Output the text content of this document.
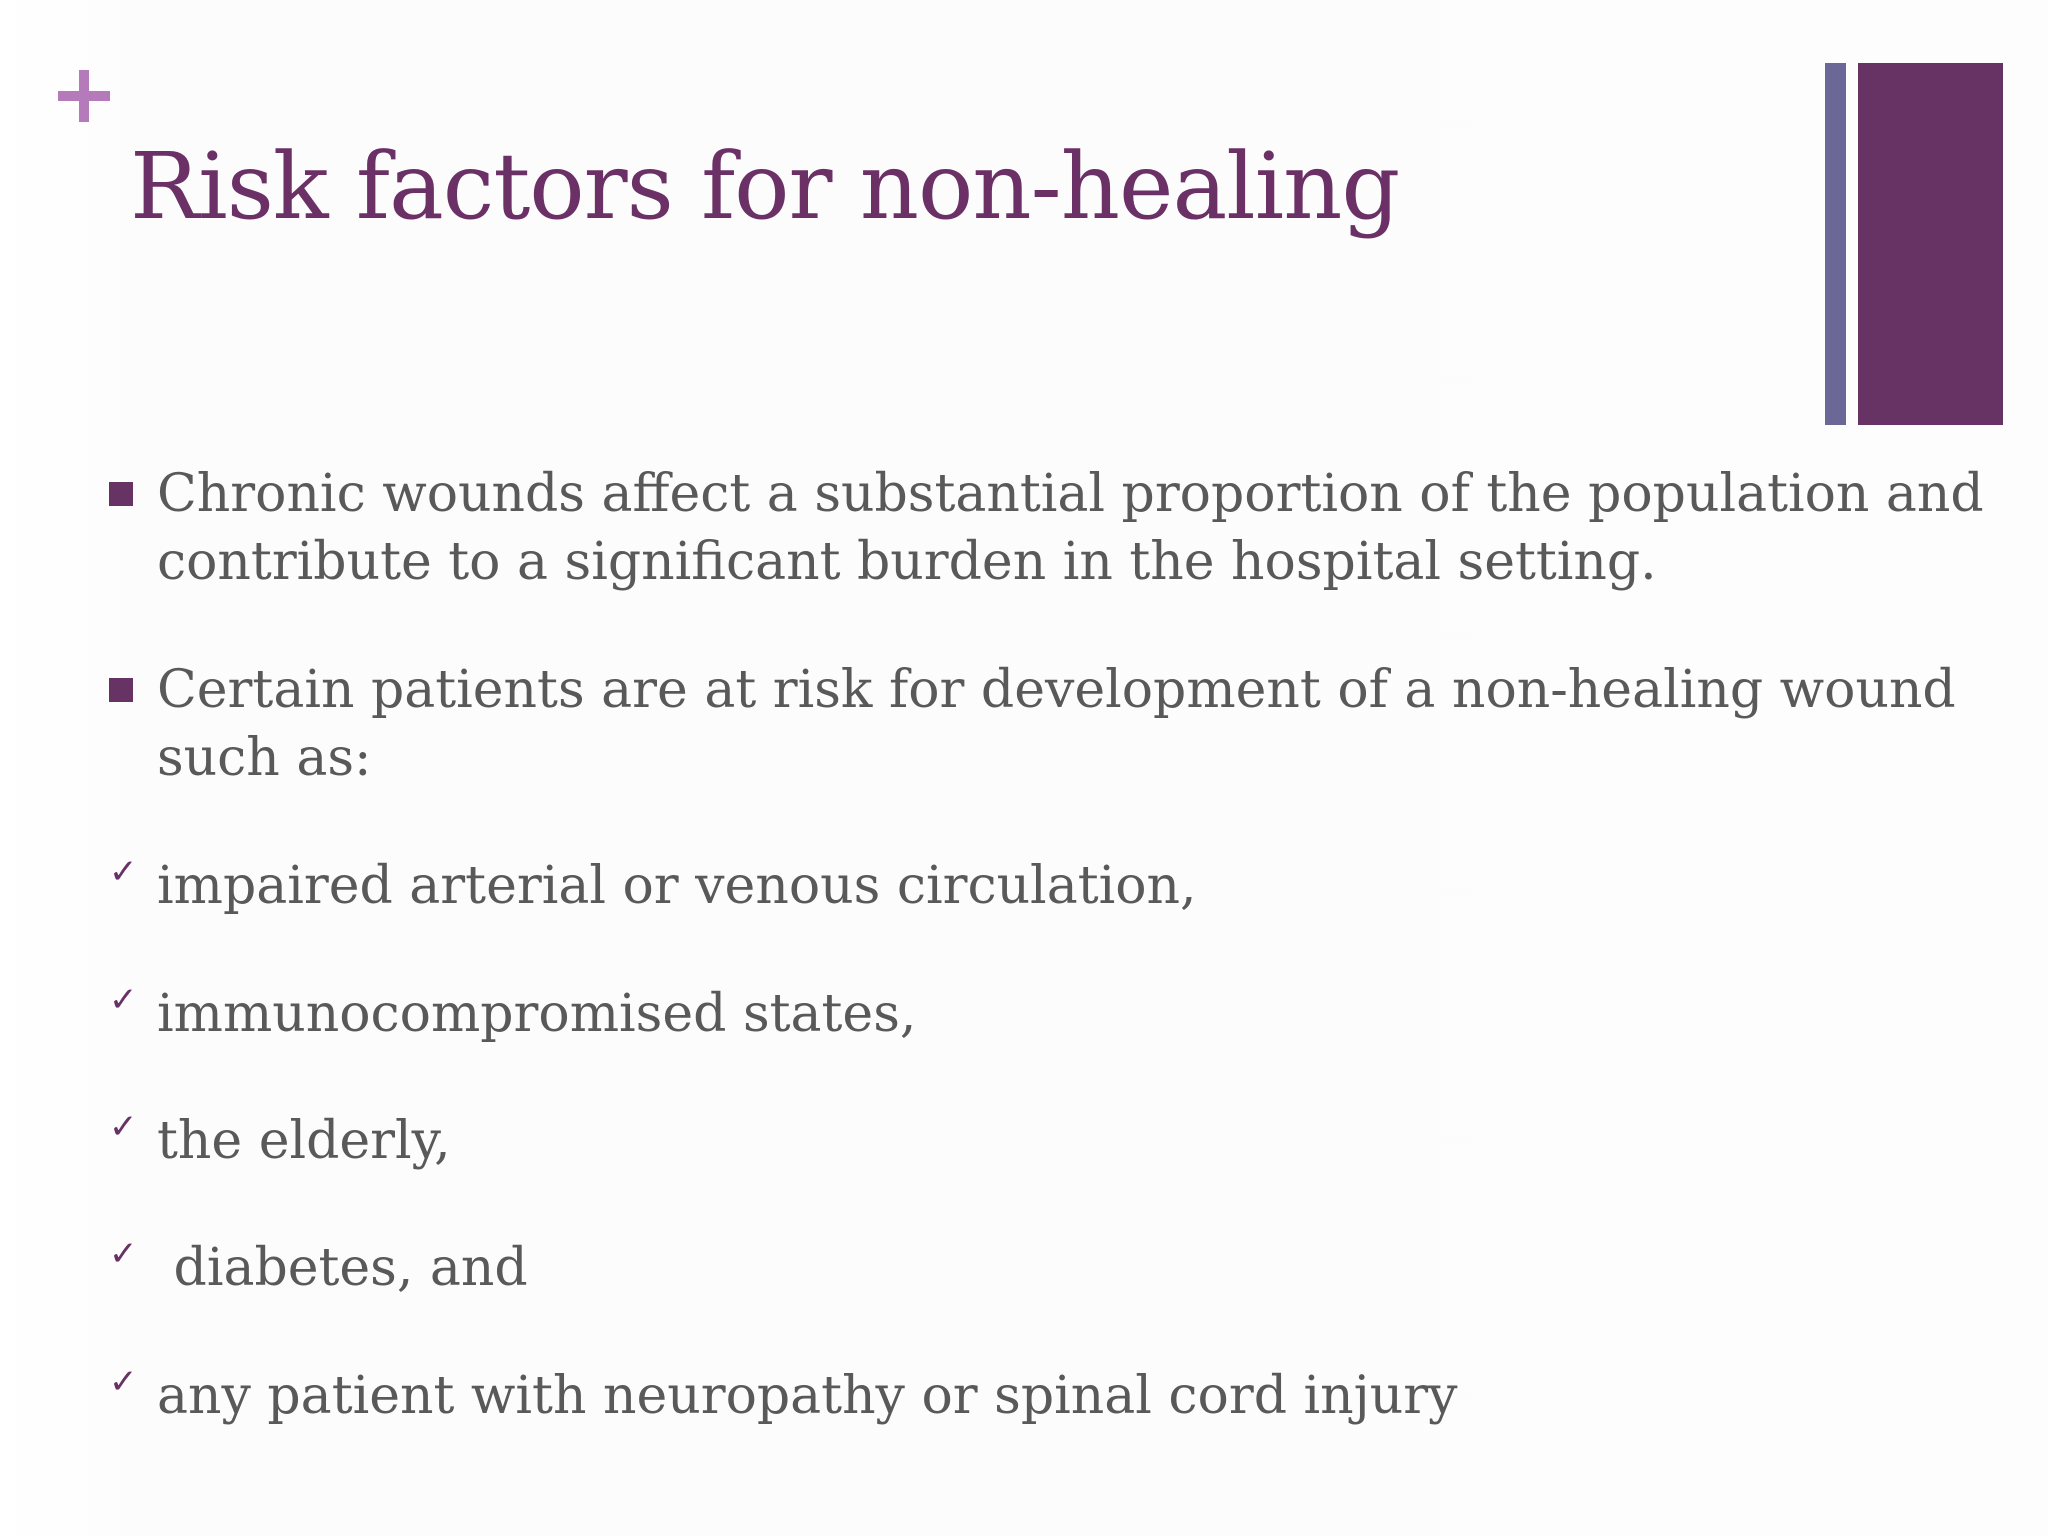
Risk factors for non-healing
Chronic wounds affect a substantial proportion of the population and contribute to a significant burden in the hospital setting.
Certain patients are at risk for development of a non-healing wound such as:
✓ impaired arterial or venous circulation,
✓ immunocompromised states,
✓ the elderly,
✓ diabetes, and
✓ any patient with neuropathy or spinal cord injury
